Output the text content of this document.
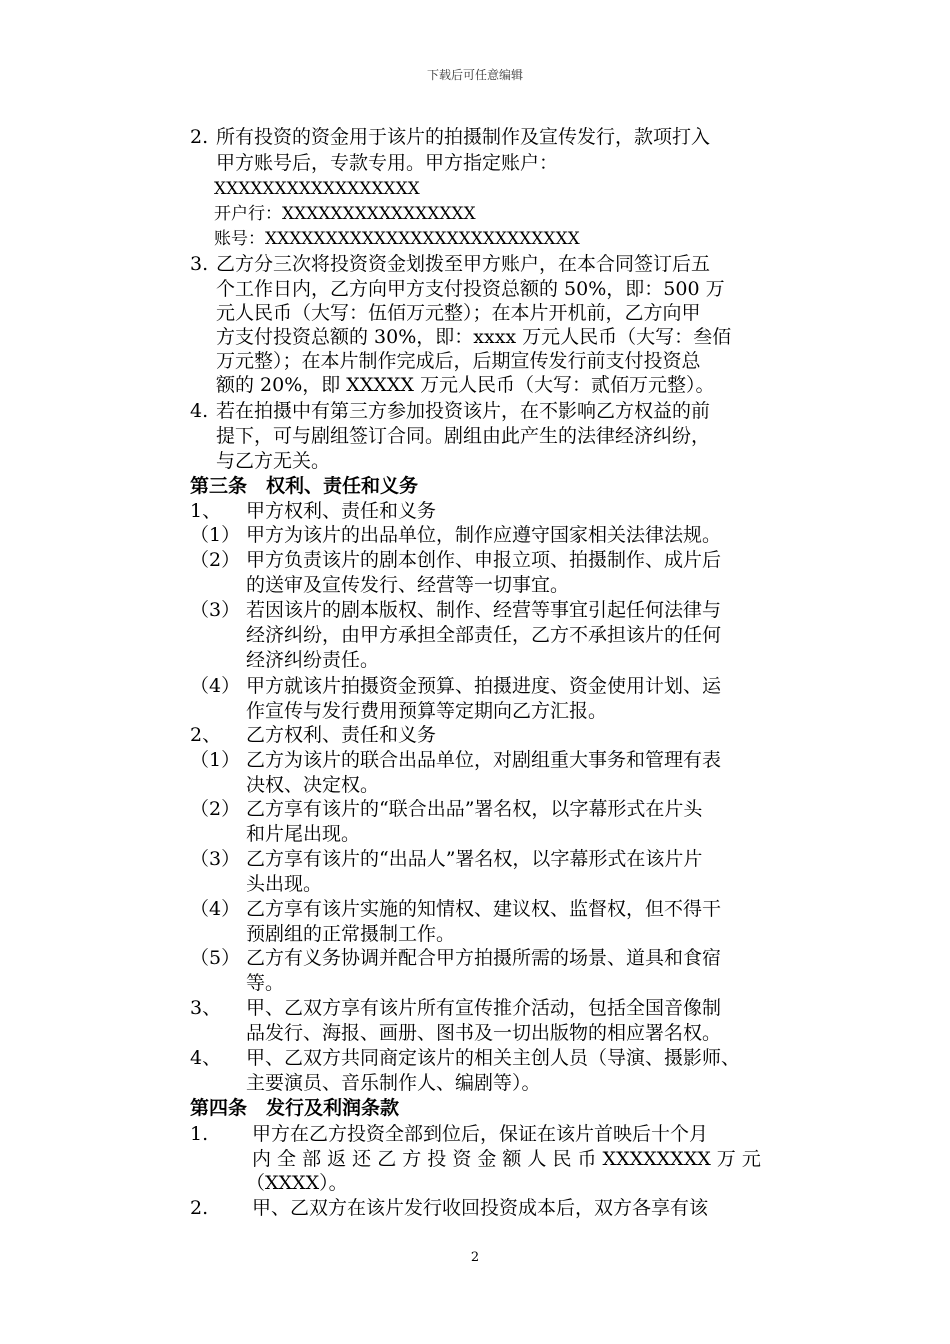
下载后可任意编辑
2. 所有投资的资金用于该片的拍摄制作及宣传发行，款项打入
甲方账号后，专款专用。甲方指定账户：
XXXXXXXXXXXXXXXXX
开户行：XXXXXXXXXXXXXXXX
账号：XXXXXXXXXXXXXXXXXXXXXXXXXX
3. 乙方分三次将投资资金划拨至甲方账户，在本合同签订后五
个工作日内，乙方向甲方支付投资总额的 50%，即：500 万
元人民币（大写：伍佰万元整）；在本片开机前，乙方向甲
方支付投资总额的 30%，即：xxxx 万元人民币（大写：叁佰
万元整）；在本片制作完成后，后期宣传发行前支付投资总
额的 20%，即 XXXXX 万元人民币（大写：贰佰万元整）。
4. 若在拍摄中有第三方参加投资该片，在不影响乙方权益的前
提下，可与剧组签订合同。剧组由此产生的法律经济纠纷，
与乙方无关。
第三条　权利、责任和义务
1、 甲方权利、责任和义务
（1） 甲方为该片的出品单位，制作应遵守国家相关法律法规。
（2） 甲方负责该片的剧本创作、申报立项、拍摄制作、成片后
的送审及宣传发行、经营等一切事宜。
（3） 若因该片的剧本版权、制作、经营等事宜引起任何法律与
经济纠纷，由甲方承担全部责任，乙方不承担该片的任何
经济纠纷责任。
（4） 甲方就该片拍摄资金预算、拍摄进度、资金使用计划、运
作宣传与发行费用预算等定期向乙方汇报。
2、 乙方权利、责任和义务
（1） 乙方为该片的联合出品单位，对剧组重大事务和管理有表
决权、决定权。
（2） 乙方享有该片的“联合出品”署名权，以字幕形式在片头
和片尾出现。
（3） 乙方享有该片的“出品人”署名权，以字幕形式在该片片
头出现。
（4） 乙方享有该片实施的知情权、建议权、监督权，但不得干
预剧组的正常摄制工作。
（5） 乙方有义务协调并配合甲方拍摄所需的场景、道具和食宿
等。
3、 甲、乙双方享有该片所有宣传推介活动，包括全国音像制
品发行、海报、画册、图书及一切出版物的相应署名权。
4、 甲、乙双方共同商定该片的相关主创人员（导演、摄影师、
主要演员、音乐制作人、编剧等）。
第四条　发行及利润条款
1. 甲方在乙方投资全部到位后，保证在该片首映后十个月
内 全 部 返 还 乙 方 投 资 金 额 人 民 币 XXXXXXXX 万 元
（XXXX）。
2. 甲、乙双方在该片发行收回投资成本后，双方各享有该
2
